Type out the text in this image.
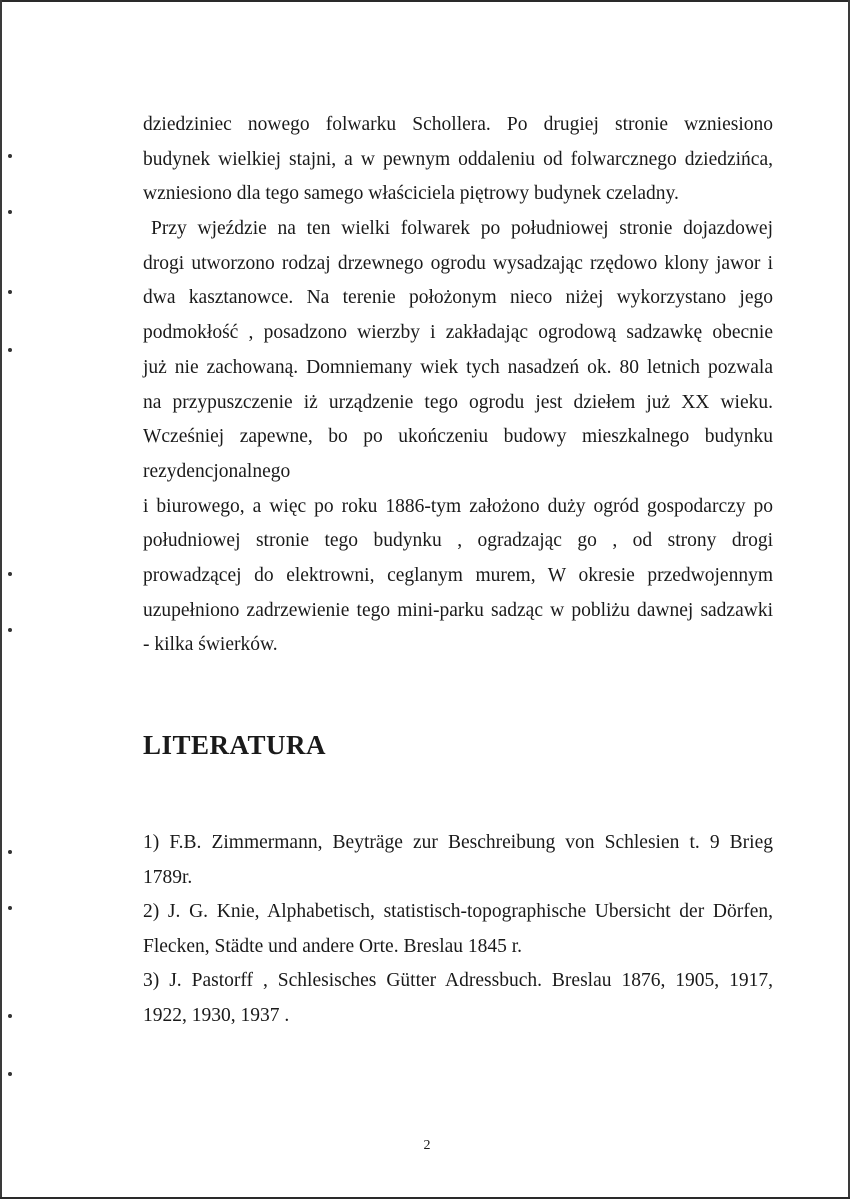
dziedziniec nowego folwarku Schollera. Po drugiej stronie wzniesiono
budynek wielkiej stajni, a w pewnym oddaleniu od folwarcznego dziedzińca,
wzniesiono dla tego samego właściciela piętrowy budynek czeladny.
Przy wjeździe na ten wielki folwarek po południowej stronie dojazdowej
drogi utworzono rodzaj drzewnego ogrodu wysadzając rzędowo klony jawor i
dwa kasztanowce. Na terenie położonym nieco niżej wykorzystano jego
podmokłość , posadzono wierzby i zakładając ogrodową sadzawkę obecnie
już nie zachowaną. Domniemany wiek tych nasadzeń ok. 80 letnich pozwala
na przypuszczenie iż urządzenie tego ogrodu jest dziełem już XX wieku.
Wcześniej zapewne, bo po ukończeniu budowy mieszkalnego budynku
rezydencjonalnego
i biurowego, a więc po roku 1886-tym założono duży ogród gospodarczy po
południowej stronie tego budynku , ogradzając go , od strony drogi
prowadzącej do elektrowni, ceglanym murem, W okresie przedwojennym
uzupełniono zadrzewienie tego mini-parku sadząc w pobliżu dawnej sadzawki
- kilka świerków.
LITERATURA
1) F.B. Zimmermann, Beyträge zur Beschreibung von Schlesien t. 9 Brieg
1789r.
2) J. G. Knie, Alphabetisch, statistisch-topographische Ubersicht der Dörfen,
Flecken, Städte und andere Orte. Breslau 1845 r.
3) J. Pastorff , Schlesisches Gütter Adressbuch. Breslau 1876, 1905, 1917,
1922, 1930, 1937 .
2
